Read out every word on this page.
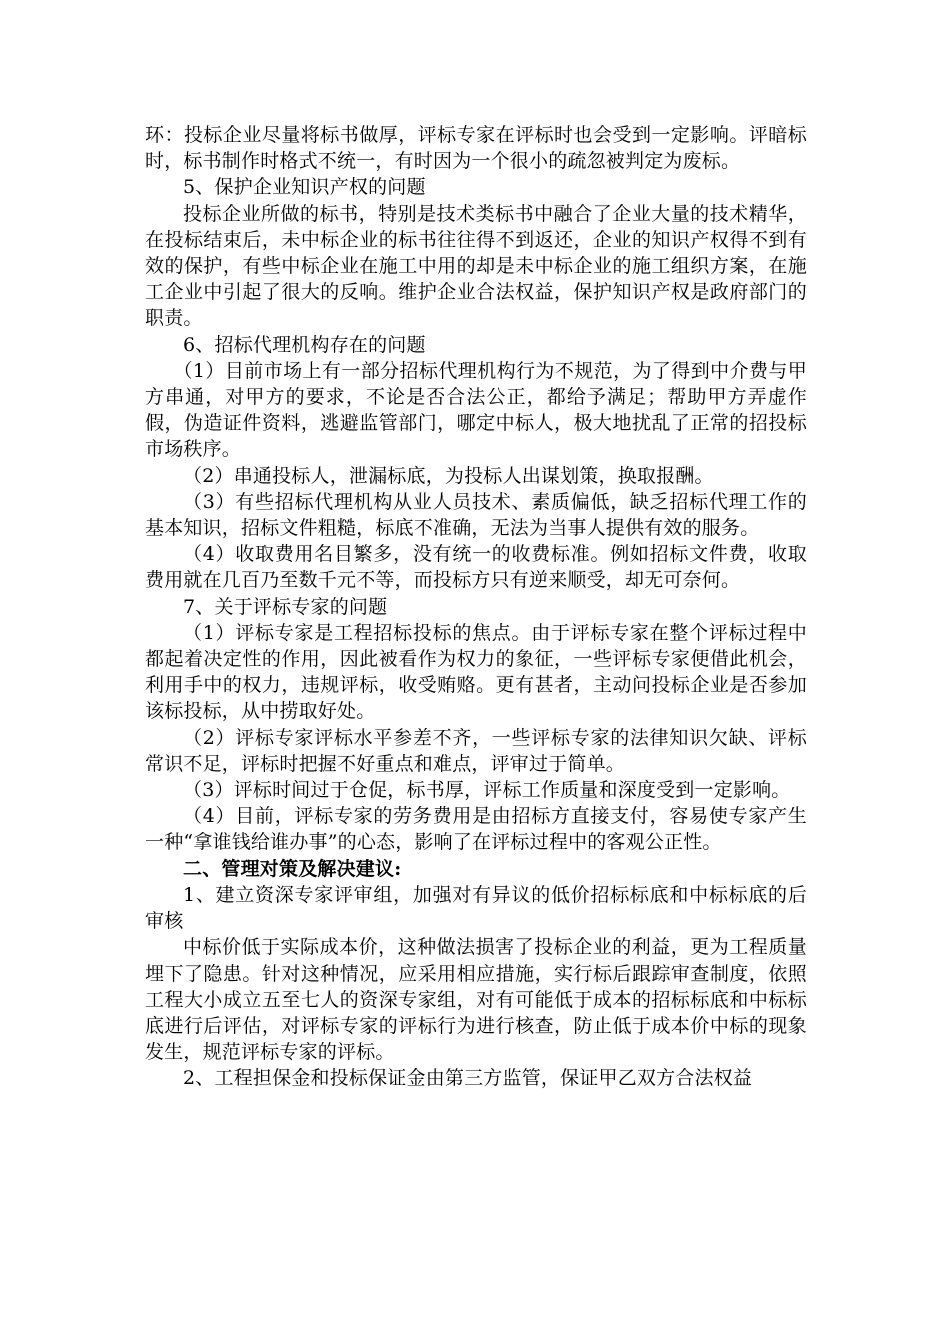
环：投标企业尽量将标书做厚，评标专家在评标时也会受到一定影响。评暗标时，标书制作时格式不统一，有时因为一个很小的疏忽被判定为废标。

5、保护企业知识产权的问题

投标企业所做的标书，特别是技术类标书中融合了企业大量的技术精华，在投标结束后，未中标企业的标书往往得不到返还，企业的知识产权得不到有效的保护，有些中标企业在施工中用的却是未中标企业的施工组织方案，在施工企业中引起了很大的反响。维护企业合法权益，保护知识产权是政府部门的职责。

6、招标代理机构存在的问题

（1）目前市场上有一部分招标代理机构行为不规范，为了得到中介费与甲方串通，对甲方的要求，不论是否合法公正，都给予满足；帮助甲方弄虚作假，伪造证件资料，逃避监管部门，哪定中标人，极大地扰乱了正常的招投标市场秩序。

（2）串通投标人，泄漏标底，为投标人出谋划策，换取报酬。

（3）有些招标代理机构从业人员技术、素质偏低，缺乏招标代理工作的基本知识，招标文件粗糙，标底不准确，无法为当事人提供有效的服务。

（4）收取费用名目繁多，没有统一的收费标准。例如招标文件费，收取费用就在几百乃至数千元不等，而投标方只有逆来顺受，却无可奈何。

7、关于评标专家的问题

（1）评标专家是工程招标投标的焦点。由于评标专家在整个评标过程中都起着决定性的作用，因此被看作为权力的象征，一些评标专家便借此机会，利用手中的权力，违规评标，收受贿赂。更有甚者，主动问投标企业是否参加该标投标，从中捞取好处。

（2）评标专家评标水平参差不齐，一些评标专家的法律知识欠缺、评标常识不足，评标时把握不好重点和难点，评审过于简单。

（3）评标时间过于仓促，标书厚，评标工作质量和深度受到一定影响。

（4）目前，评标专家的劳务费用是由招标方直接支付，容易使专家产生一种“拿谁钱给谁办事”的心态，影响了在评标过程中的客观公正性。

二、管理对策及解决建议:

1、建立资深专家评审组，加强对有异议的低价招标标底和中标标底的后审核

中标价低于实际成本价，这种做法损害了投标企业的利益，更为工程质量埋下了隐患。针对这种情况，应采用相应措施，实行标后跟踪审查制度，依照工程大小成立五至七人的资深专家组，对有可能低于成本的招标标底和中标标底进行后评估，对评标专家的评标行为进行核查，防止低于成本价中标的现象发生，规范评标专家的评标。

2、工程担保金和投标保证金由第三方监管，保证甲乙双方合法权益
